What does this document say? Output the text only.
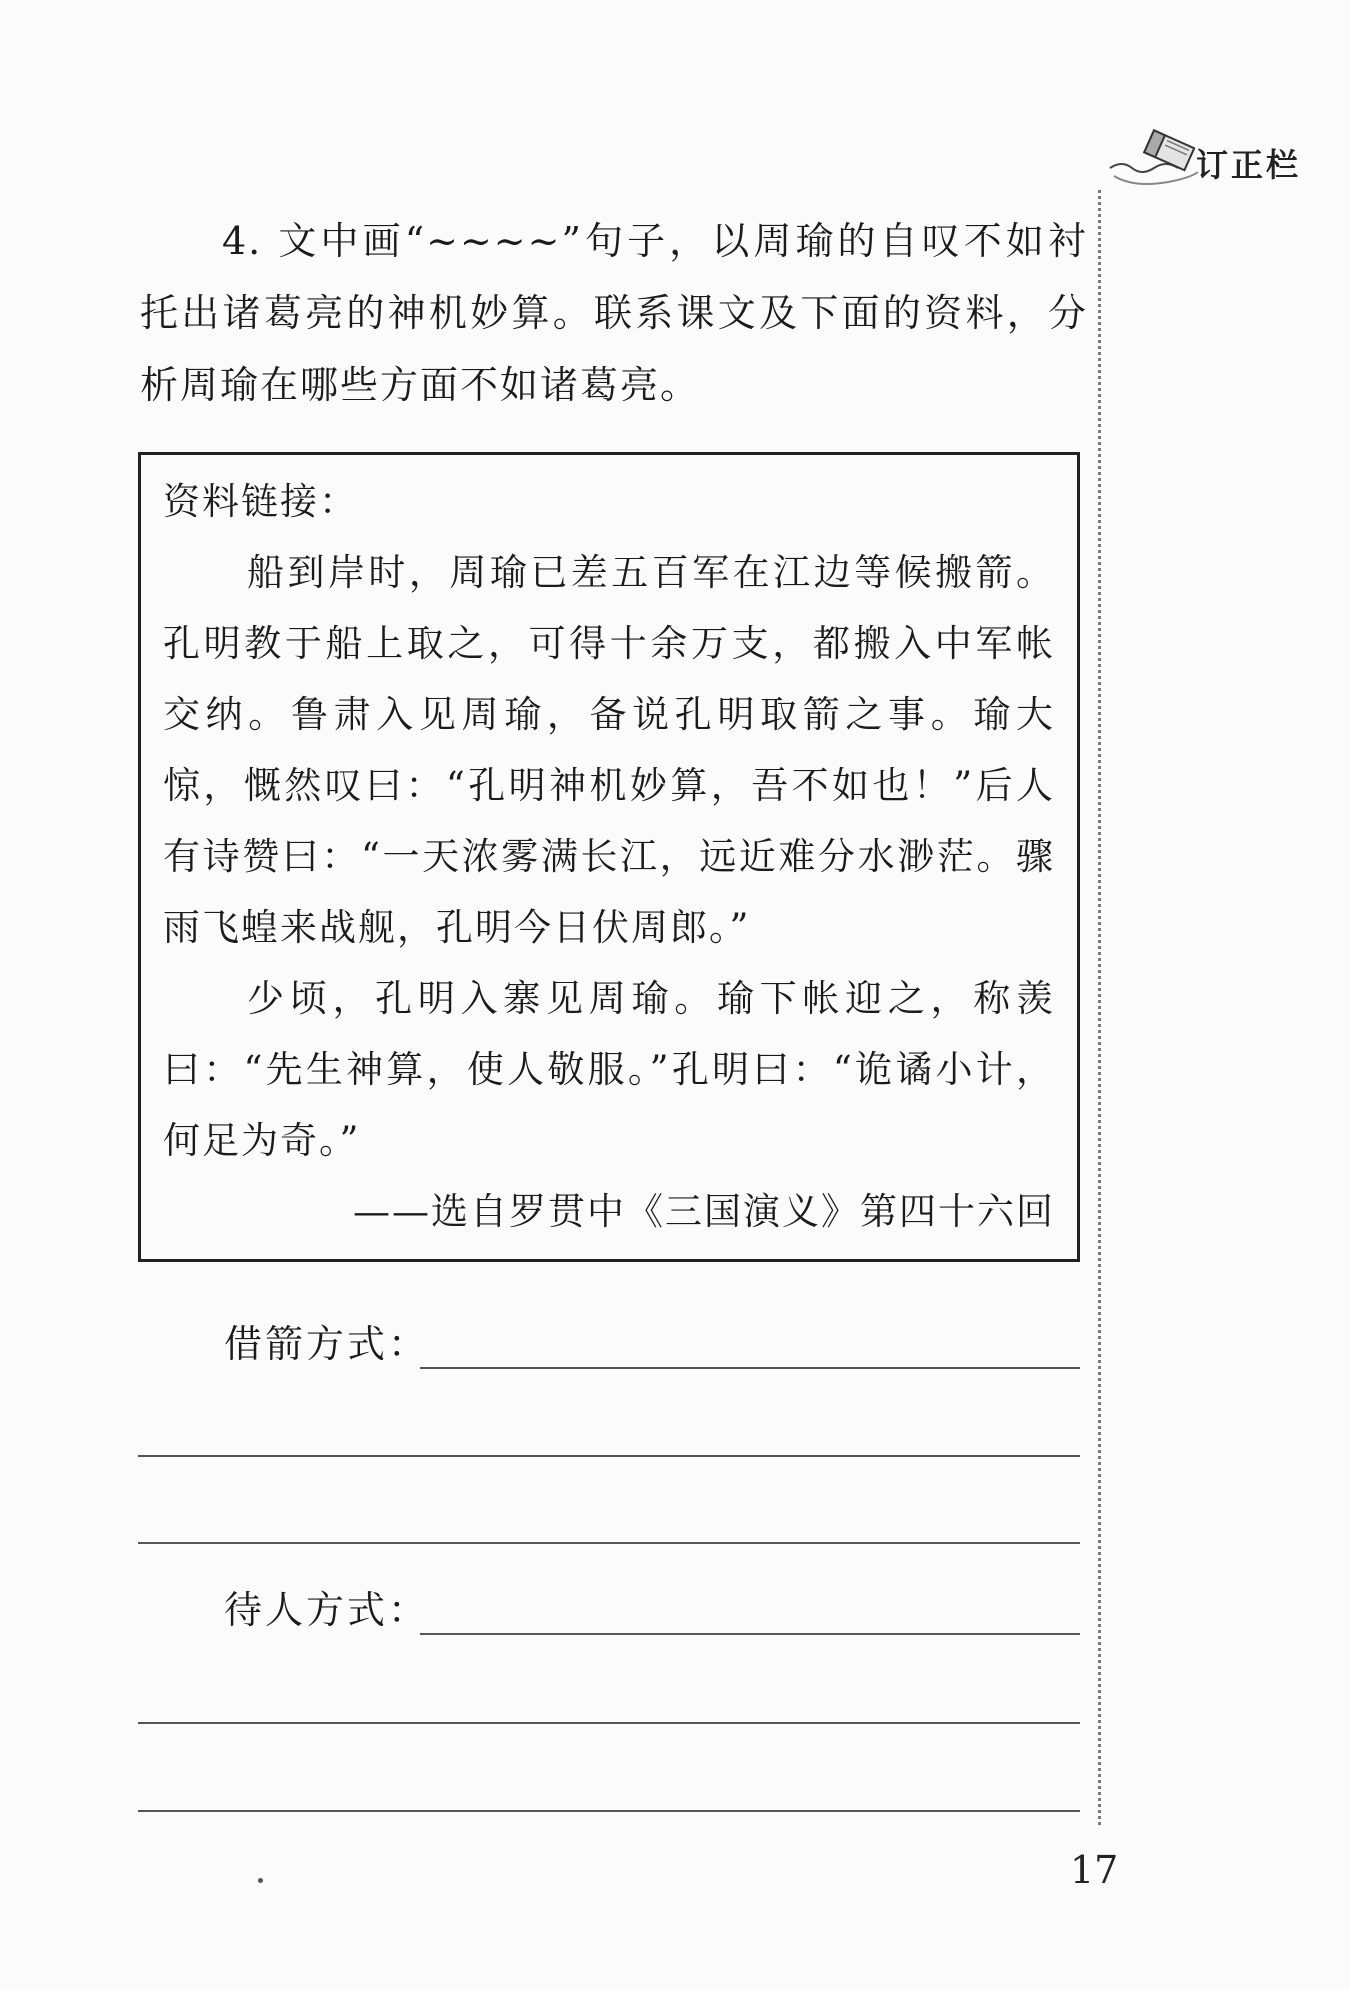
订正栏
4. 文中画“~~~~”句子，以周瑜的自叹不如衬托出诸葛亮的神机妙算。联系课文及下面的资料，分析周瑜在哪些方面不如诸葛亮。
资料链接：

船到岸时，周瑜已差五百军在江边等候搬箭。孔明教于船上取之，可得十余万支，都搬入中军帐交纳。鲁肃入见周瑜，备说孔明取箭之事。瑜大惊，慨然叹曰：“孔明神机妙算，吾不如也！”后人有诗赞曰：“一天浓雾满长江，远近难分水渺茫。骤雨飞蝗来战舰，孔明今日伏周郎。”

少顷，孔明入寨见周瑜。瑜下帐迎之，称羡曰：“先生神算，使人敬服。”孔明曰：“诡谲小计，何足为奇。”

——选自罗贯中《三国演义》第四十六回

借箭方式：
待人方式：
17
